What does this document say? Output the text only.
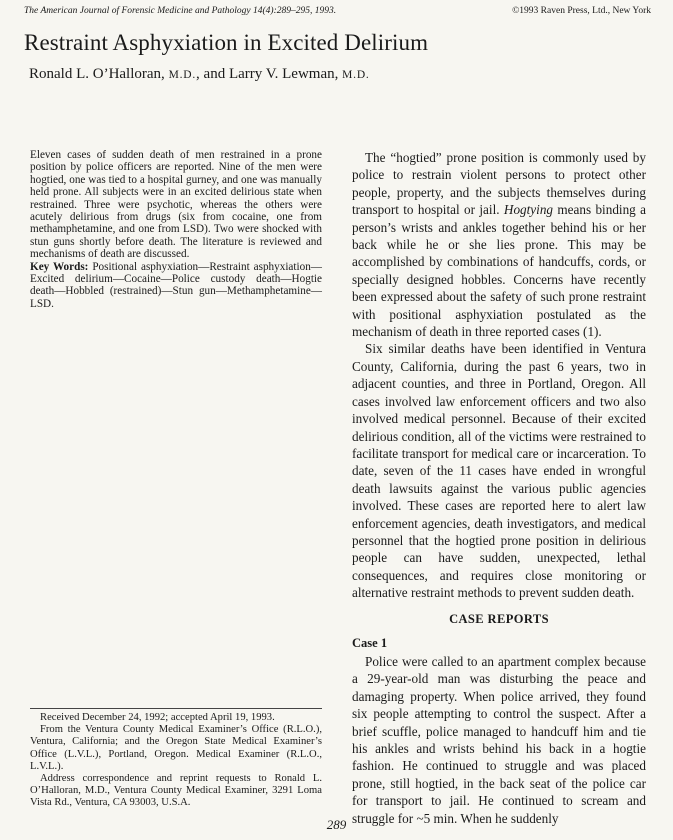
The American Journal of Forensic Medicine and Pathology 14(4):289–295, 1993.	©1993 Raven Press, Ltd., New York
Restraint Asphyxiation in Excited Delirium
Ronald L. O’Halloran, M.D., and Larry V. Lewman, M.D.
Eleven cases of sudden death of men restrained in a prone position by police officers are reported. Nine of the men were hogtied, one was tied to a hospital gurney, and one was manually held prone. All subjects were in an excited delirious state when restrained. Three were psychotic, whereas the others were acutely delirious from drugs (six from cocaine, one from methamphetamine, and one from LSD). Two were shocked with stun guns shortly before death. The literature is reviewed and mechanisms of death are discussed.
Key Words: Positional asphyxiation—Restraint asphyxiation—Excited delirium—Cocaine—Police custody death—Hogtie death—Hobbled (restrained)—Stun gun—Methamphetamine—LSD.

Received December 24, 1992; accepted April 19, 1993.

From the Ventura County Medical Examiner’s Office (R.L.O.), Ventura, California; and the Oregon State Medical Examiner’s Office (L.V.L.), Portland, Oregon. Medical Examiner (R.L.O., L.V.L.).

Address correspondence and reprint requests to Ronald L. O’Halloran, M.D., Ventura County Medical Examiner, 3291 Loma Vista Rd., Ventura, CA 93003, U.S.A.

The “hogtied” prone position is commonly used by police to restrain violent persons to protect other people, property, and the subjects themselves during transport to hospital or jail. Hogtying means binding a person’s wrists and ankles together behind his or her back while he or she lies prone. This may be accomplished by combinations of handcuffs, cords, or specially designed hobbles. Concerns have recently been expressed about the safety of such prone restraint with positional asphyxiation postulated as the mechanism of death in three reported cases (1).

Six similar deaths have been identified in Ventura County, California, during the past 6 years, two in adjacent counties, and three in Portland, Oregon. All cases involved law enforcement officers and two also involved medical personnel. Because of their excited delirious condition, all of the victims were restrained to facilitate transport for medical care or incarceration. To date, seven of the 11 cases have ended in wrongful death lawsuits against the various public agencies involved. These cases are reported here to alert law enforcement agencies, death investigators, and medical personnel that the hogtied prone position in delirious people can have sudden, unexpected, lethal consequences, and requires close monitoring or alternative restraint methods to prevent sudden death.

CASE REPORTS
Case 1

Police were called to an apartment complex because a 29-year-old man was disturbing the peace and damaging property. When police arrived, they found six people attempting to control the suspect. After a brief scuffle, police managed to handcuff him and tie his ankles and wrists behind his back in a hogtie fashion. He continued to struggle and was placed prone, still hogtied, in the back seat of the police car for transport to jail. He continued to scream and struggle for ~5 min. When he suddenly

289
